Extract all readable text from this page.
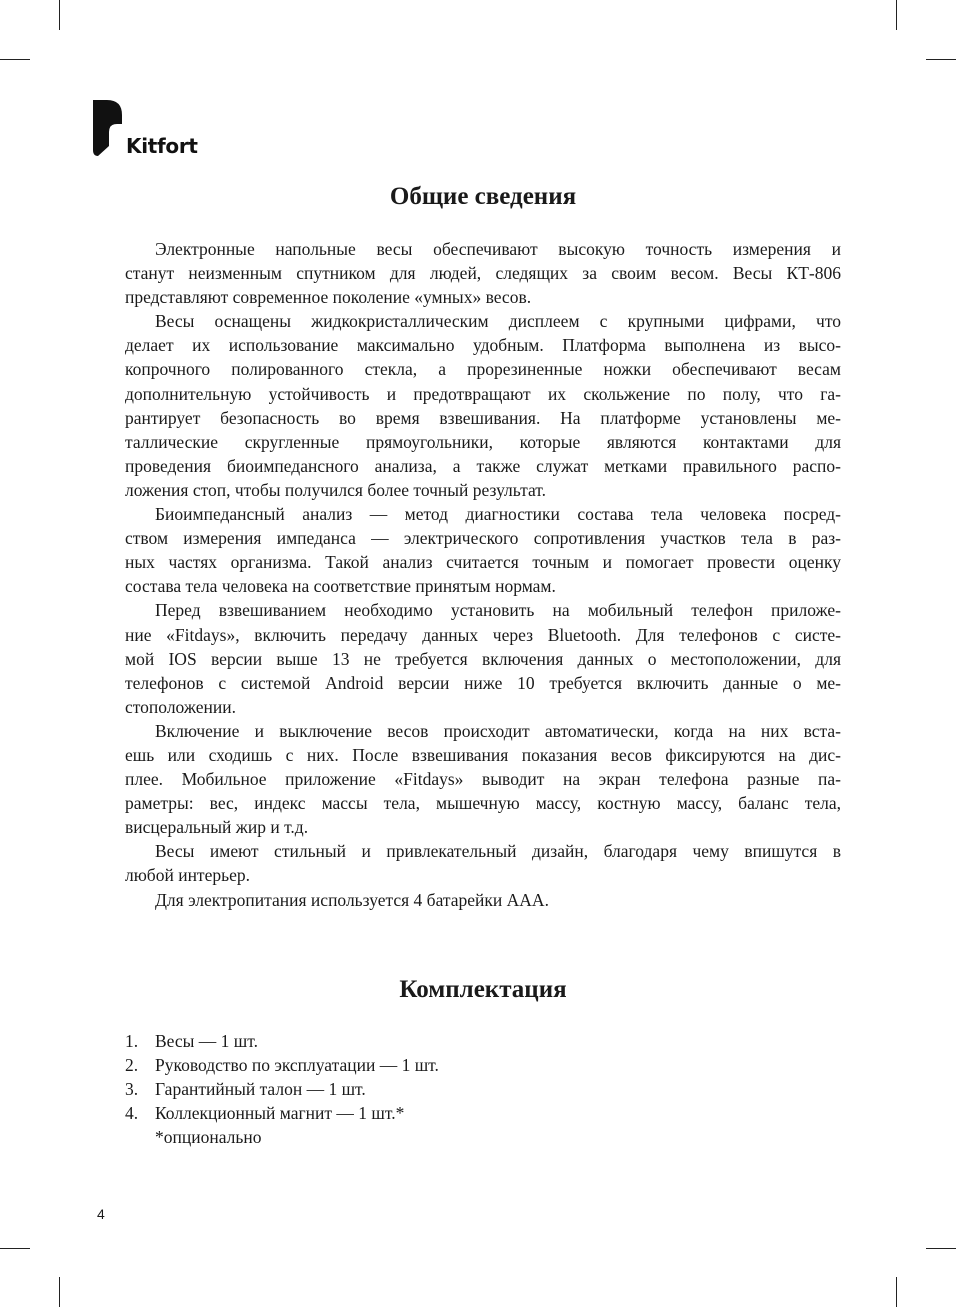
Kitfort
Общие сведения
Электронные напольные весы обеспечивают высокую точность измерения и
станут неизменным спутником для людей, следящих за своим весом. Весы КТ-806
представляют современное поколение «умных» весов.
Весы оснащены жидкокристаллическим дисплеем с крупными цифрами, что
делает их использование максимально удобным. Платформа выполнена из высо-
копрочного полированного стекла, а прорезиненные ножки обеспечивают весам
дополнительную устойчивость и предотвращают их скольжение по полу, что га-
рантирует безопасность во время взвешивания. На платформе установлены ме-
таллические скругленные прямоугольники, которые являются контактами для
проведения биоимпедансного анализа, а также служат метками правильного распо-
ложения стоп, чтобы получился более точный результат.
Биоимпедансный анализ — метод диагностики состава тела человека посред-
ством измерения импеданса — электрического сопротивления участков тела в раз-
ных частях организма. Такой анализ считается точным и помогает провести оценку
состава тела человека на соответствие принятым нормам.
Перед взвешиванием необходимо установить на мобильный телефон приложе-
ние «Fitdays», включить передачу данных через Bluetooth. Для телефонов с систе-
мой IOS версии выше 13 не требуется включения данных о местоположении, для
телефонов с системой Android версии ниже 10 требуется включить данные о ме-
стоположении.
Включение и выключение весов происходит автоматически, когда на них вста-
ешь или сходишь с них. После взвешивания показания весов фиксируются на дис-
плее. Мобильное приложение «Fitdays» выводит на экран телефона разные па-
раметры: вес, индекс массы тела, мышечную массу, костную массу, баланс тела,
висцеральный жир и т.д.
Весы имеют стильный и привлекательный дизайн, благодаря чему впишутся в
любой интерьер.
Для электропитания используется 4 батарейки ААА.
Комплектация
1. Весы — 1 шт.
2. Руководство по эксплуатации — 1 шт.
3. Гарантийный талон — 1 шт.
4. Коллекционный магнит — 1 шт.*
*опционально
4
